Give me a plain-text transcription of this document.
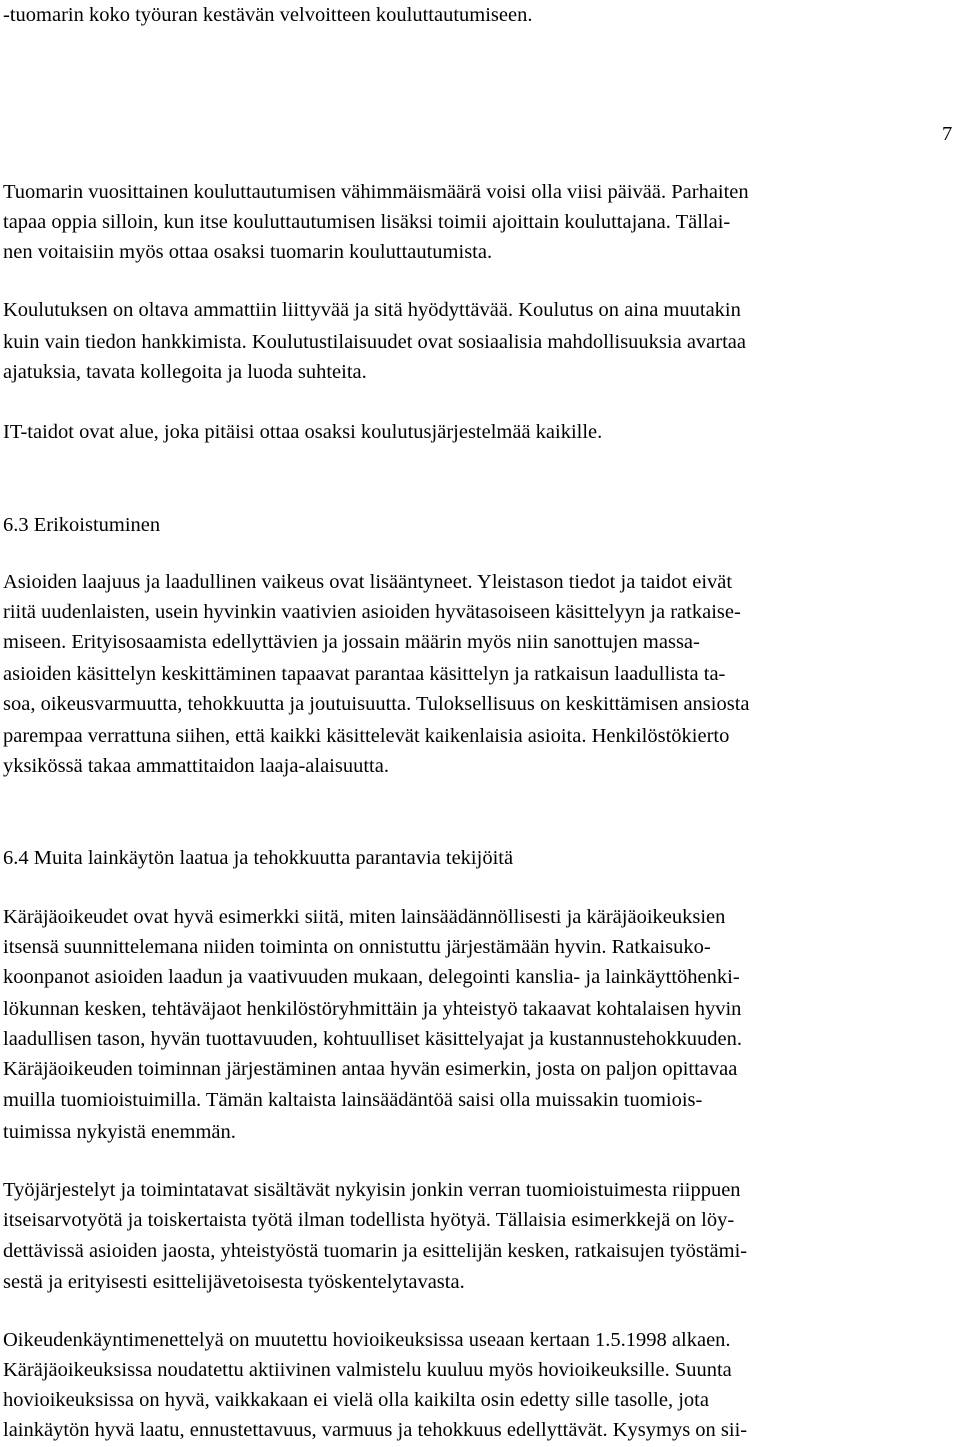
-tuomarin koko työuran kestävän velvoitteen kouluttautumiseen.
7
Tuomarin vuosittainen kouluttautumisen vähimmäismäärä voisi olla viisi päivää. Parhaiten
tapaa oppia silloin, kun itse kouluttautumisen lisäksi toimii ajoittain kouluttajana. Tällai-
nen voitaisiin myös ottaa osaksi tuomarin kouluttautumista.
Koulutuksen on oltava ammattiin liittyvää ja sitä hyödyttävää. Koulutus on aina muutakin
kuin vain tiedon hankkimista. Koulutustilaisuudet ovat sosiaalisia mahdollisuuksia avartaa
ajatuksia, tavata kollegoita ja luoda suhteita.
IT-taidot ovat alue, joka pitäisi ottaa osaksi koulutusjärjestelmää kaikille.
6.3 Erikoistuminen
Asioiden laajuus ja laadullinen vaikeus ovat lisääntyneet. Yleistason tiedot ja taidot eivät
riitä uudenlaisten, usein hyvinkin vaativien asioiden hyvätasoiseen käsittelyyn ja ratkaise-
miseen. Erityisosaamista edellyttävien ja jossain määrin myös niin sanottujen massa-
asioiden käsittelyn keskittäminen tapaavat parantaa käsittelyn ja ratkaisun laadullista ta-
soa, oikeusvarmuutta, tehokkuutta ja joutuisuutta. Tuloksellisuus on keskittämisen ansiosta
parempaa verrattuna siihen, että kaikki käsittelevät kaikenlaisia asioita. Henkilöstökierto
yksikössä takaa ammattitaidon laaja-alaisuutta.
6.4 Muita lainkäytön laatua ja tehokkuutta parantavia tekijöitä
Käräjäoikeudet ovat hyvä esimerkki siitä, miten lainsäädännöllisesti ja käräjäoikeuksien
itsensä suunnittelemana niiden toiminta on onnistuttu järjestämään hyvin. Ratkaisuko-
koonpanot asioiden laadun ja vaativuuden mukaan, delegointi kanslia- ja lainkäyttöhenki-
lökunnan kesken, tehtäväjaot henkilöstöryhmittäin ja yhteistyö takaavat kohtalaisen hyvin
laadullisen tason, hyvän tuottavuuden, kohtuulliset käsittelyajat ja kustannustehokkuuden.
Käräjäoikeuden toiminnan järjestäminen antaa hyvän esimerkin, josta on paljon opittavaa
muilla tuomioistuimilla. Tämän kaltaista lainsäädäntöä saisi olla muissakin tuomiois-
tuimissa nykyistä enemmän.
Työjärjestelyt ja toimintatavat sisältävät nykyisin jonkin verran tuomioistuimesta riippuen
itseisarvotyötä ja toiskertaista työtä ilman todellista hyötyä. Tällaisia esimerkkejä on löy-
dettävissä asioiden jaosta, yhteistyöstä tuomarin ja esittelijän kesken, ratkaisujen työstämi-
sestä ja erityisesti esittelijävetoisesta työskentelytavasta.
Oikeudenkäyntimenettelyä on muutettu hovioikeuksissa useaan kertaan 1.5.1998 alkaen.
Käräjäoikeuksissa noudatettu aktiivinen valmistelu kuuluu myös hovioikeuksille. Suunta
hovioikeuksissa on hyvä, vaikkakaan ei vielä olla kaikilta osin edetty sille tasolle, jota
lainkäytön hyvä laatu, ennustettavuus, varmuus ja tehokkuus edellyttävät. Kysymys on sii-
